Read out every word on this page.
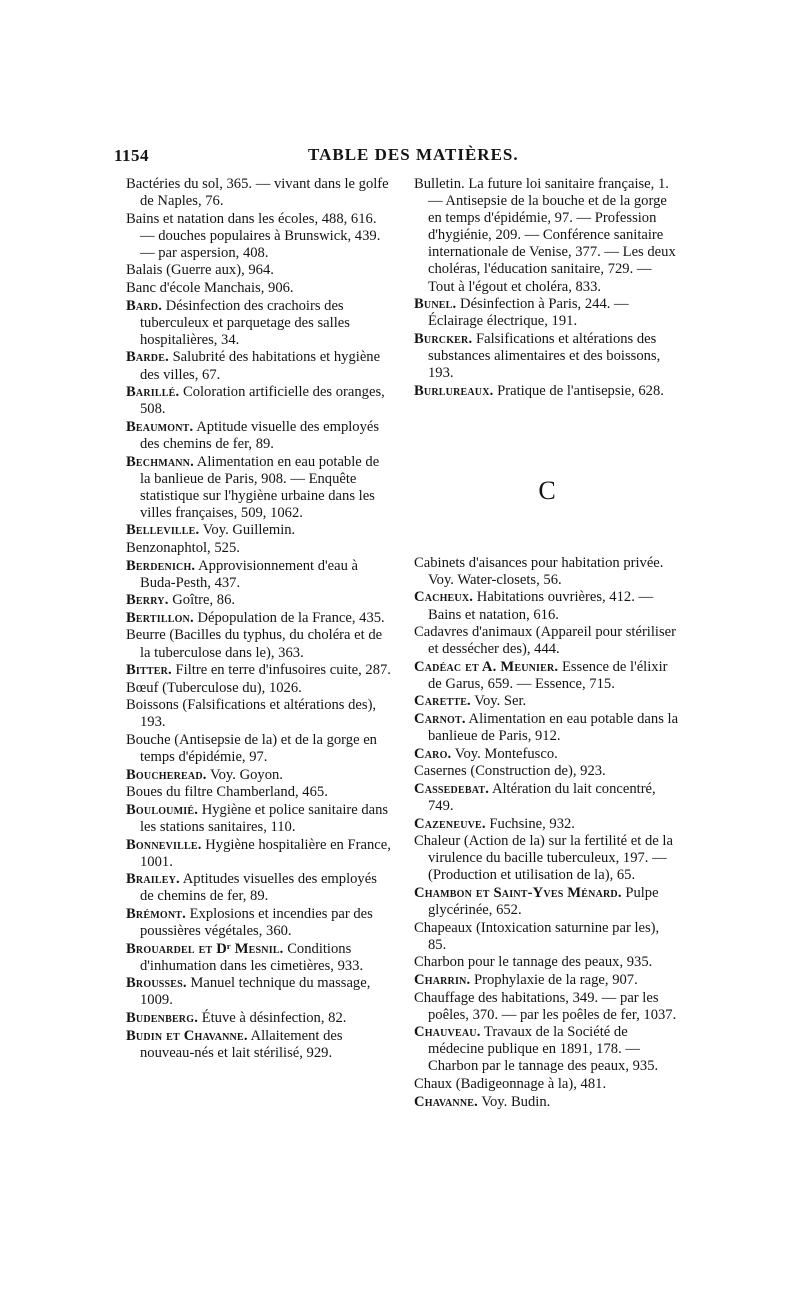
1154	TABLE DES MATIÈRES.
Bactéries du sol, 365. — vivant dans le golfe de Naples, 76.
Bains et natation dans les écoles, 488, 616. — douches populaires à Brunswick, 439. — par aspersion, 408.
Balais (Guerre aux), 964.
Banc d'école Manchais, 906.
Bard. Désinfection des crachoirs des tuberculeux et parquetage des salles hospitalières, 34.
Barde. Salubrité des habitations et hygiène des villes, 67.
Barillé. Coloration artificielle des oranges, 508.
Beaumont. Aptitude visuelle des employés des chemins de fer, 89.
Bechmann. Alimentation en eau potable de la banlieue de Paris, 908. — Enquête statistique sur l'hygiène urbaine dans les villes françaises, 509, 1062.
Belleville. Voy. Guillemin.
Benzonaphtol, 525.
Berdenich. Approvisionnement d'eau à Buda-Pesth, 437.
Berry. Goître, 86.
Bertillon. Dépopulation de la France, 435.
Beurre (Bacilles du typhus, du choléra et de la tuberculose dans le), 363.
Bitter. Filtre en terre d'infusoires cuite, 287.
Bœuf (Tuberculose du), 1026.
Boissons (Falsifications et altérations des), 193.
Bouche (Antisepsie de la) et de la gorge en temps d'épidémie, 97.
Boucheread. Voy. Goyon.
Boues du filtre Chamberland, 465.
Bouloumié. Hygiène et police sanitaire dans les stations sanitaires, 110.
Bonneville. Hygiène hospitalière en France, 1001.
Brailey. Aptitudes visuelles des employés de chemins de fer, 89.
Brémont. Explosions et incendies par des poussières végétales, 360.
Brouardel et Dʳ Mesnil. Conditions d'inhumation dans les cimetières, 933.
Brousses. Manuel technique du massage, 1009.
Budenberg. Étuve à désinfection, 82.
Budin et Chavanne. Allaitement des nouveau-nés et lait stérilisé, 929.
Bulletin. La future loi sanitaire française, 1. — Antisepsie de la bouche et de la gorge en temps d'épidémie, 97. — Profession d'hygiénie, 209. — Conférence sanitaire internationale de Venise, 377. — Les deux choléras, l'éducation sanitaire, 729. — Tout à l'égout et choléra, 833.
Bunel. Désinfection à Paris, 244. — Éclairage électrique, 191.
Burcker. Falsifications et altérations des substances alimentaires et des boissons, 193.
Burlureaux. Pratique de l'antisepsie, 628.
C
Cabinets d'aisances pour habitation privée. Voy. Water-closets, 56.
Cacheux. Habitations ouvrières, 412. — Bains et natation, 616.
Cadavres d'animaux (Appareil pour stériliser et dessécher des), 444.
Cadéac et A. Meunier. Essence de l'élixir de Garus, 659. — Essence, 715.
Carette. Voy. Ser.
Carnot. Alimentation en eau potable dans la banlieue de Paris, 912.
Caro. Voy. Montefusco.
Casernes (Construction de), 923.
Cassedebat. Altération du lait concentré, 749.
Cazeneuve. Fuchsine, 932.
Chaleur (Action de la) sur la fertilité et de la virulence du bacille tuberculeux, 197. — (Production et utilisation de la), 65.
Chambon et Saint-Yves Ménard. Pulpe glycérinée, 652.
Chapeaux (Intoxication saturnine par les), 85.
Charbon pour le tannage des peaux, 935.
Charrin. Prophylaxie de la rage, 907.
Chauffage des habitations, 349. — par les poêles, 370. — par les poêles de fer, 1037.
Chauveau. Travaux de la Société de médecine publique en 1891, 178. — Charbon par le tannage des peaux, 935.
Chaux (Badigeonnage à la), 481.
Chavanne. Voy. Budin.
